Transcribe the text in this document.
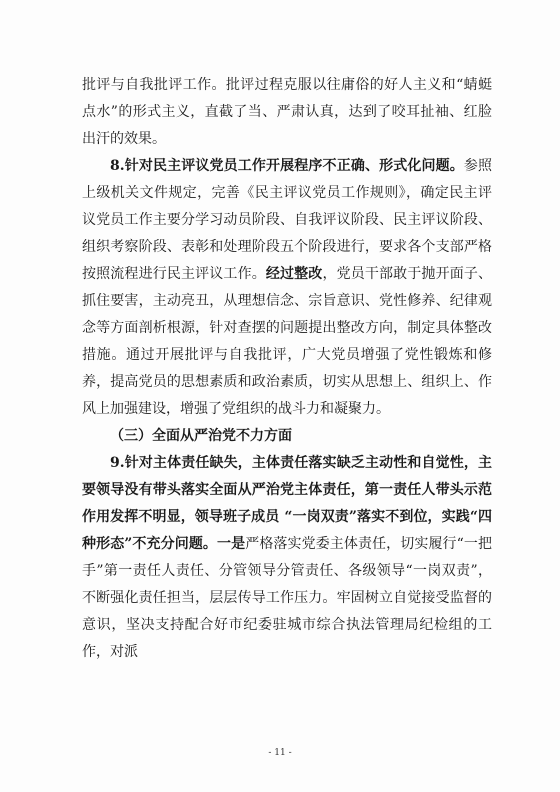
批评与自我批评工作。批评过程克服以往庸俗的好人主义和“蜻蜓点水”的形式主义，直截了当、严肃认真，达到了咬耳扯袖、红脸出汗的效果。

8.针对民主评议党员工作开展程序不正确、形式化问题。参照上级机关文件规定，完善《民主评议党员工作规则》，确定民主评议党员工作主要分学习动员阶段、自我评议阶段、民主评议阶段、组织考察阶段、表彰和处理阶段五个阶段进行，要求各个支部严格按照流程进行民主评议工作。经过整改，党员干部敢于抛开面子、抓住要害，主动亮丑，从理想信念、宗旨意识、党性修养、纪律观念等方面剖析根源，针对查摆的问题提出整改方向，制定具体整改措施。通过开展批评与自我批评，广大党员增强了党性锻炼和修养，提高党员的思想素质和政治素质，切实从思想上、组织上、作风上加强建设，增强了党组织的战斗力和凝聚力。

（三）全面从严治党不力方面

9.针对主体责任缺失，主体责任落实缺乏主动性和自觉性，主要领导没有带头落实全面从严治党主体责任，第一责任人带头示范作用发挥不明显，领导班子成员 “一岗双责”落实不到位，实践“四种形态”不充分问题。一是严格落实党委主体责任，切实履行“一把手”第一责任人责任、分管领导分管责任、各级领导“一岗双责”，不断强化责任担当，层层传导工作压力。牢固树立自觉接受监督的意识，坚决支持配合好市纪委驻城市综合执法管理局纪检组的工作，对派

- 11 -
